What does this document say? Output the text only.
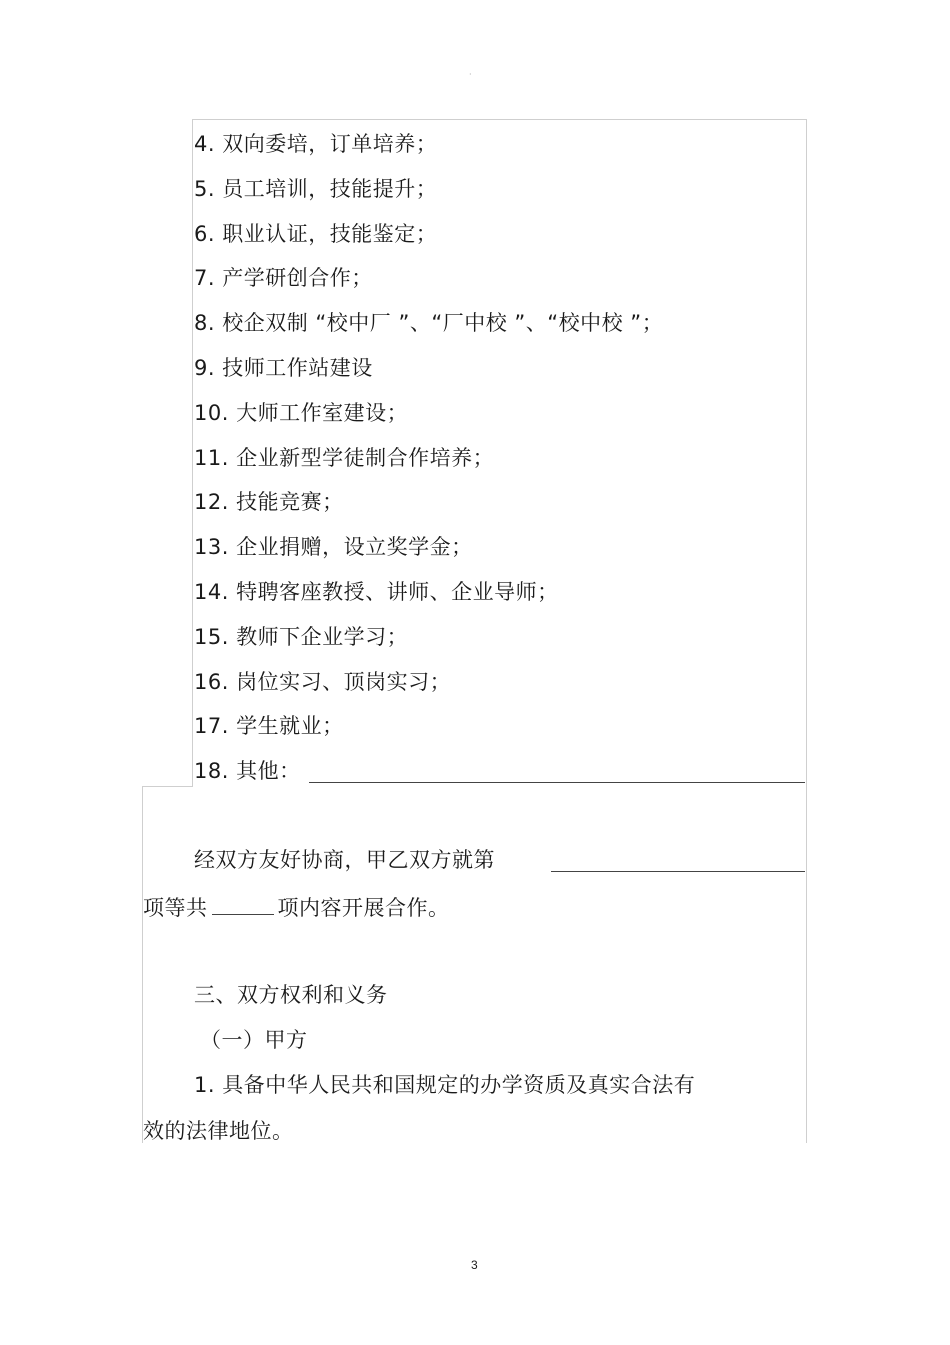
·
4. 双向委培，订单培养；
5. 员工培训，技能提升；
6. 职业认证，技能鉴定；
7. 产学研创合作；
8. 校企双制 “校中厂 ”、“厂中校 ”、“校中校 ”；
9. 技师工作站建设
10. 大师工作室建设；
11. 企业新型学徒制合作培养；
12. 技能竞赛；
13. 企业捐赠，设立奖学金；
14. 特聘客座教授、讲师、企业导师；
15. 教师下企业学习；
16. 岗位实习、顶岗实习；
17. 学生就业；
18. 其他：
经双方友好协商，甲乙双方就第
项等共	项内容开展合作。
三、双方权利和义务
（一）甲方
1. 具备中华人民共和国规定的办学资质及真实合法有
效的法律地位。
3
